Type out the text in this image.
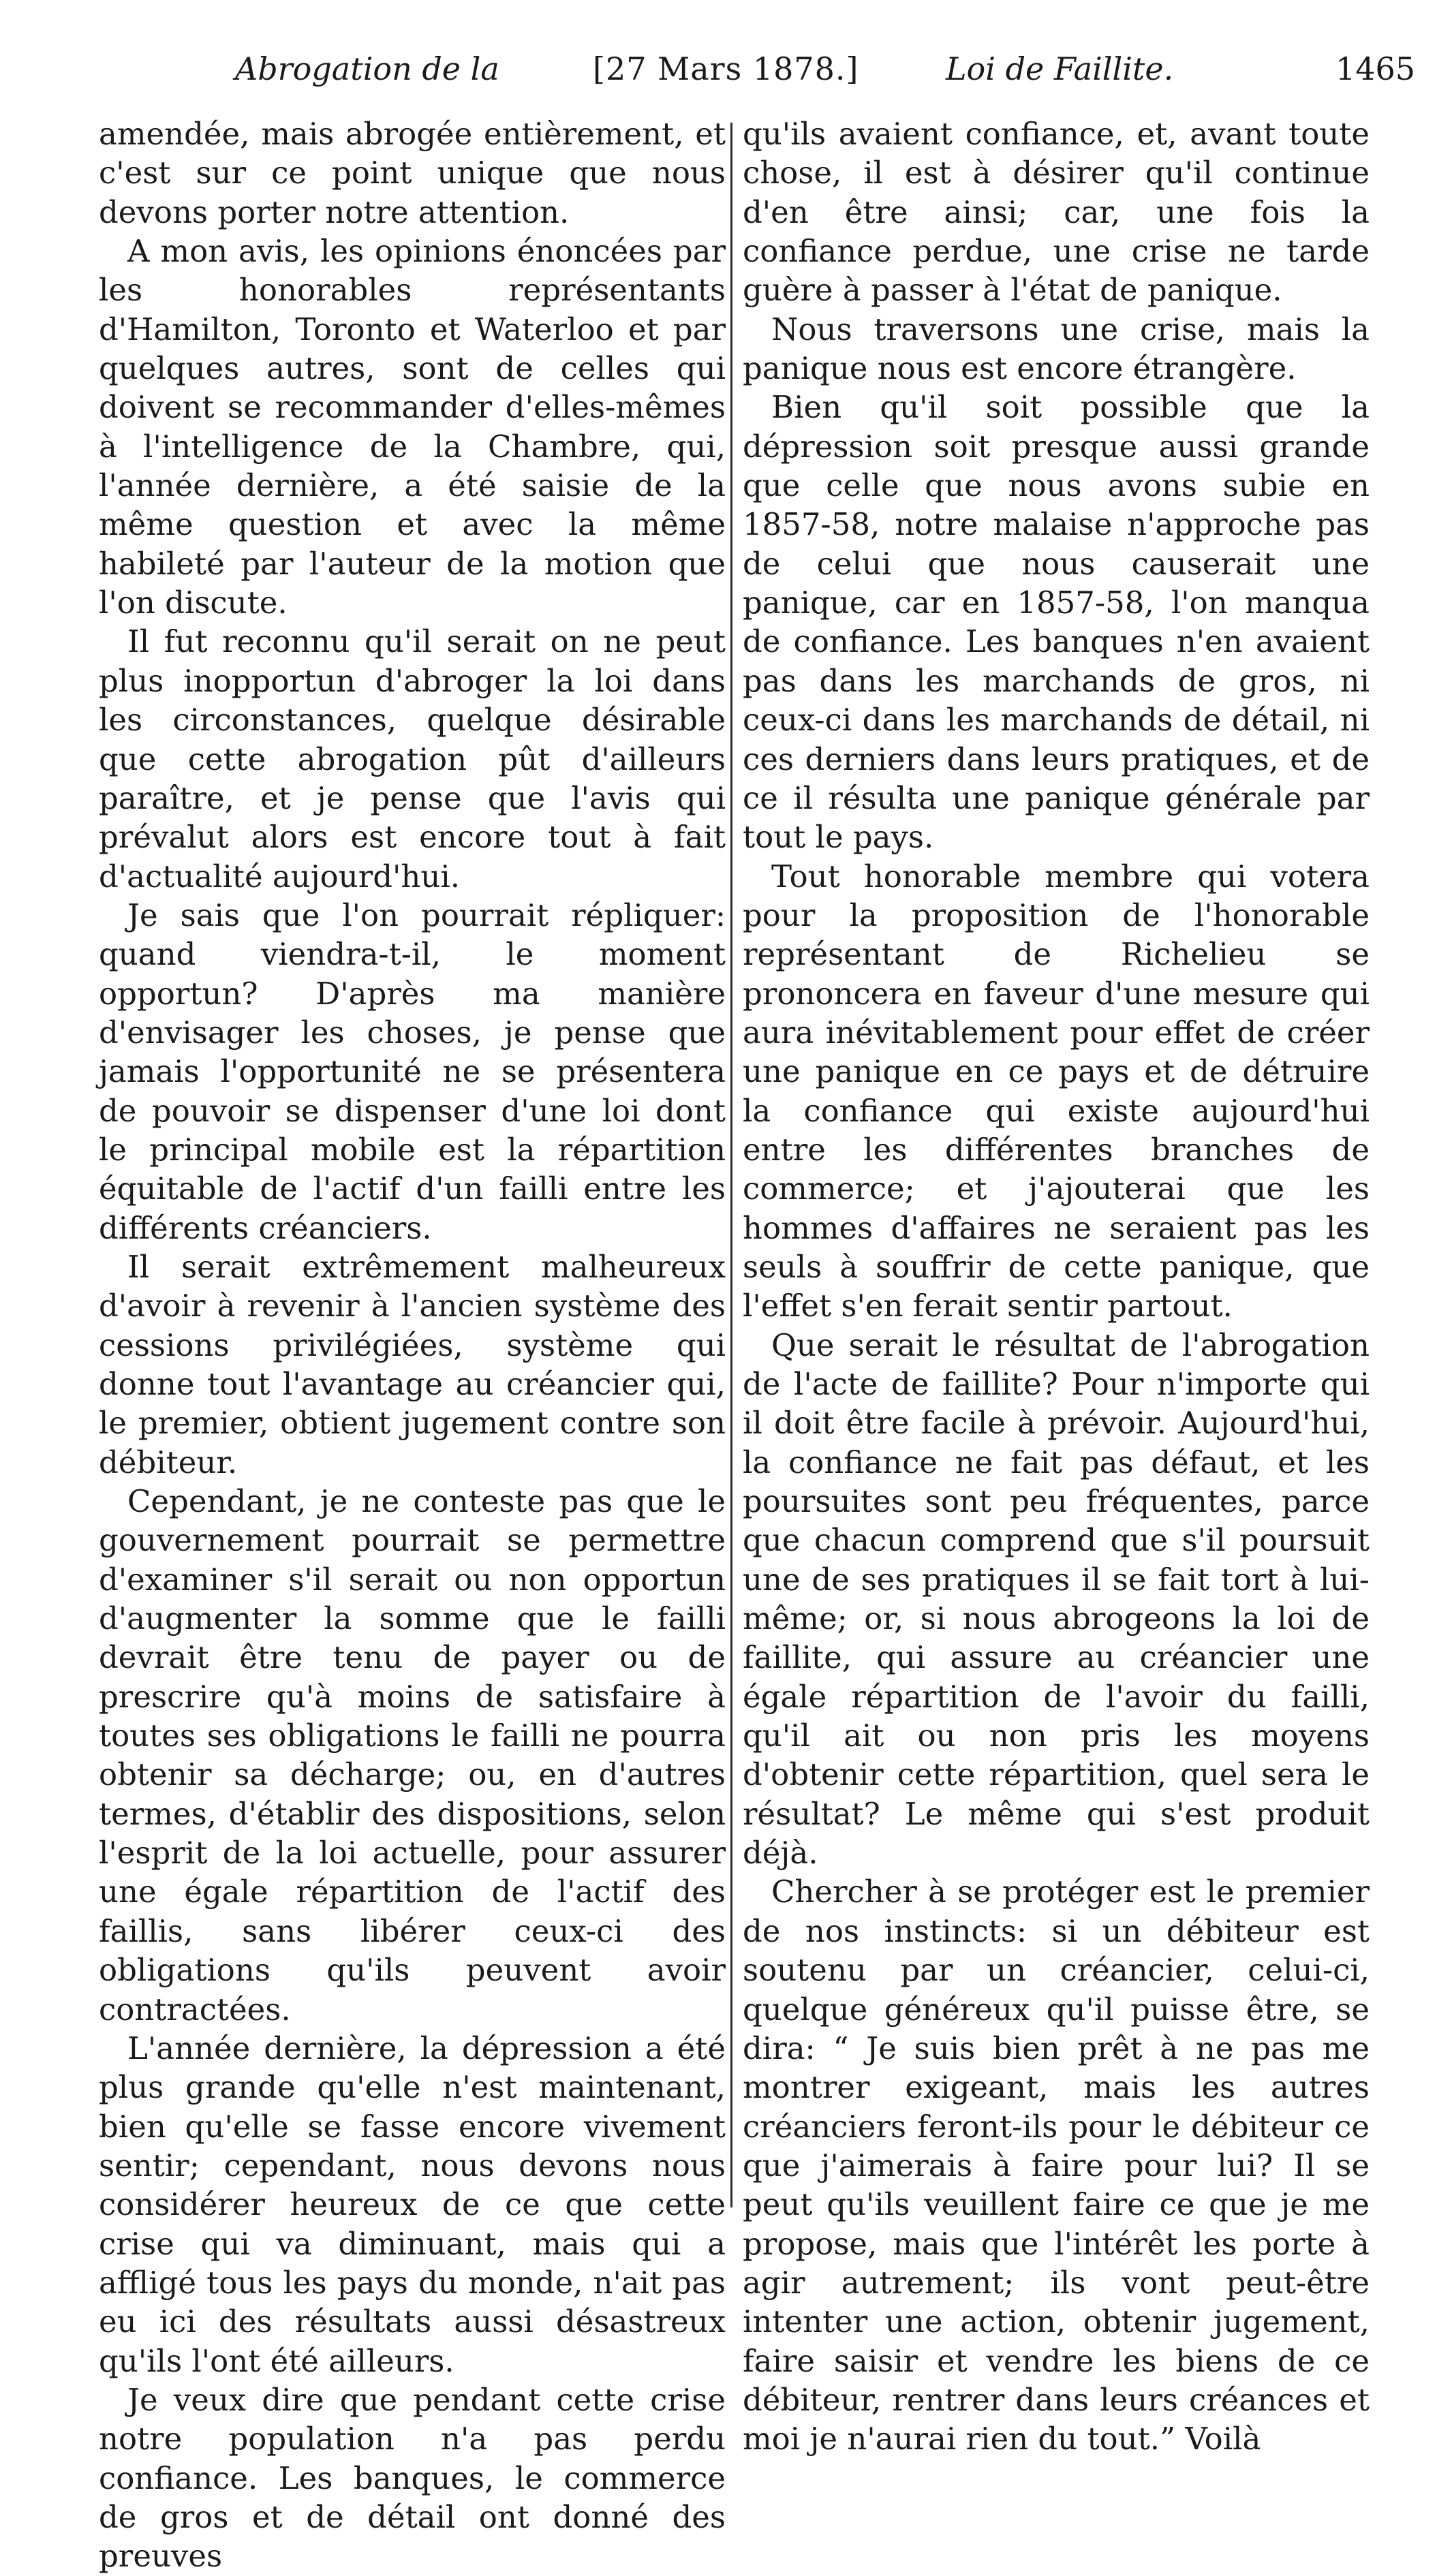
Abrogation de la	[27 Mars 1878.]	Loi de Faillite.	1465

amendée, mais abrogée entièrement, et c'est sur ce point unique que nous devons porter notre attention.

A mon avis, les opinions énoncées par les honorables représentants d'Hamilton, Toronto et Waterloo et par quelques autres, sont de celles qui doivent se recommander d'elles-mêmes à l'intelligence de la Chambre, qui, l'année dernière, a été saisie de la même question et avec la même habileté par l'auteur de la motion que l'on discute.

Il fut reconnu qu'il serait on ne peut plus inopportun d'abroger la loi dans les circonstances, quelque désirable que cette abrogation pût d'ailleurs paraître, et je pense que l'avis qui prévalut alors est encore tout à fait d'actualité aujourd'hui.

Je sais que l'on pourrait répliquer: quand viendra-t-il, le moment opportun? D'après ma manière d'envisager les choses, je pense que jamais l'opportunité ne se présentera de pouvoir se dispenser d'une loi dont le principal mobile est la répartition équitable de l'actif d'un failli entre les différents créanciers.

Il serait extrêmement malheureux d'avoir à revenir à l'ancien système des cessions privilégiées, système qui donne tout l'avantage au créancier qui, le premier, obtient jugement contre son débiteur.

Cependant, je ne conteste pas que le gouvernement pourrait se permettre d'examiner s'il serait ou non opportun d'augmenter la somme que le failli devrait être tenu de payer ou de prescrire qu'à moins de satisfaire à toutes ses obligations le failli ne pourra obtenir sa décharge; ou, en d'autres termes, d'établir des dispositions, selon l'esprit de la loi actuelle, pour assurer une égale répartition de l'actif des faillis, sans libérer ceux-ci des obligations qu'ils peuvent avoir contractées.

L'année dernière, la dépression a été plus grande qu'elle n'est maintenant, bien qu'elle se fasse encore vivement sentir; cependant, nous devons nous considérer heureux de ce que cette crise qui va diminuant, mais qui a affligé tous les pays du monde, n'ait pas eu ici des résultats aussi désastreux qu'ils l'ont été ailleurs.

Je veux dire que pendant cette crise notre population n'a pas perdu confiance. Les banques, le commerce de gros et de détail ont donné des preuves

qu'ils avaient confiance, et, avant toute chose, il est à désirer qu'il continue d'en être ainsi; car, une fois la confiance perdue, une crise ne tarde guère à passer à l'état de panique.

Nous traversons une crise, mais la panique nous est encore étrangère.

Bien qu'il soit possible que la dépression soit presque aussi grande que celle que nous avons subie en 1857-58, notre malaise n'approche pas de celui que nous causerait une panique, car en 1857-58, l'on manqua de confiance. Les banques n'en avaient pas dans les marchands de gros, ni ceux-ci dans les marchands de détail, ni ces derniers dans leurs pratiques, et de ce il résulta une panique générale par tout le pays.

Tout honorable membre qui votera pour la proposition de l'honorable représentant de Richelieu se prononcera en faveur d'une mesure qui aura inévitablement pour effet de créer une panique en ce pays et de détruire la confiance qui existe aujourd'hui entre les différentes branches de commerce; et j'ajouterai que les hommes d'affaires ne seraient pas les seuls à souffrir de cette panique, que l'effet s'en ferait sentir partout.

Que serait le résultat de l'abrogation de l'acte de faillite? Pour n'importe qui il doit être facile à prévoir. Aujourd'hui, la confiance ne fait pas défaut, et les poursuites sont peu fréquentes, parce que chacun comprend que s'il poursuit une de ses pratiques il se fait tort à lui-même; or, si nous abrogeons la loi de faillite, qui assure au créancier une égale répartition de l'avoir du failli, qu'il ait ou non pris les moyens d'obtenir cette répartition, quel sera le résultat? Le même qui s'est produit déjà.

Chercher à se protéger est le premier de nos instincts: si un débiteur est soutenu par un créancier, celui-ci, quelque généreux qu'il puisse être, se dira: “ Je suis bien prêt à ne pas me montrer exigeant, mais les autres créanciers feront-ils pour le débiteur ce que j'aimerais à faire pour lui? Il se peut qu'ils veuillent faire ce que je me propose, mais que l'intérêt les porte à agir autrement; ils vont peut-être intenter une action, obtenir jugement, faire saisir et vendre les biens de ce débiteur, rentrer dans leurs créances et moi je n'aurai rien du tout.” Voilà
